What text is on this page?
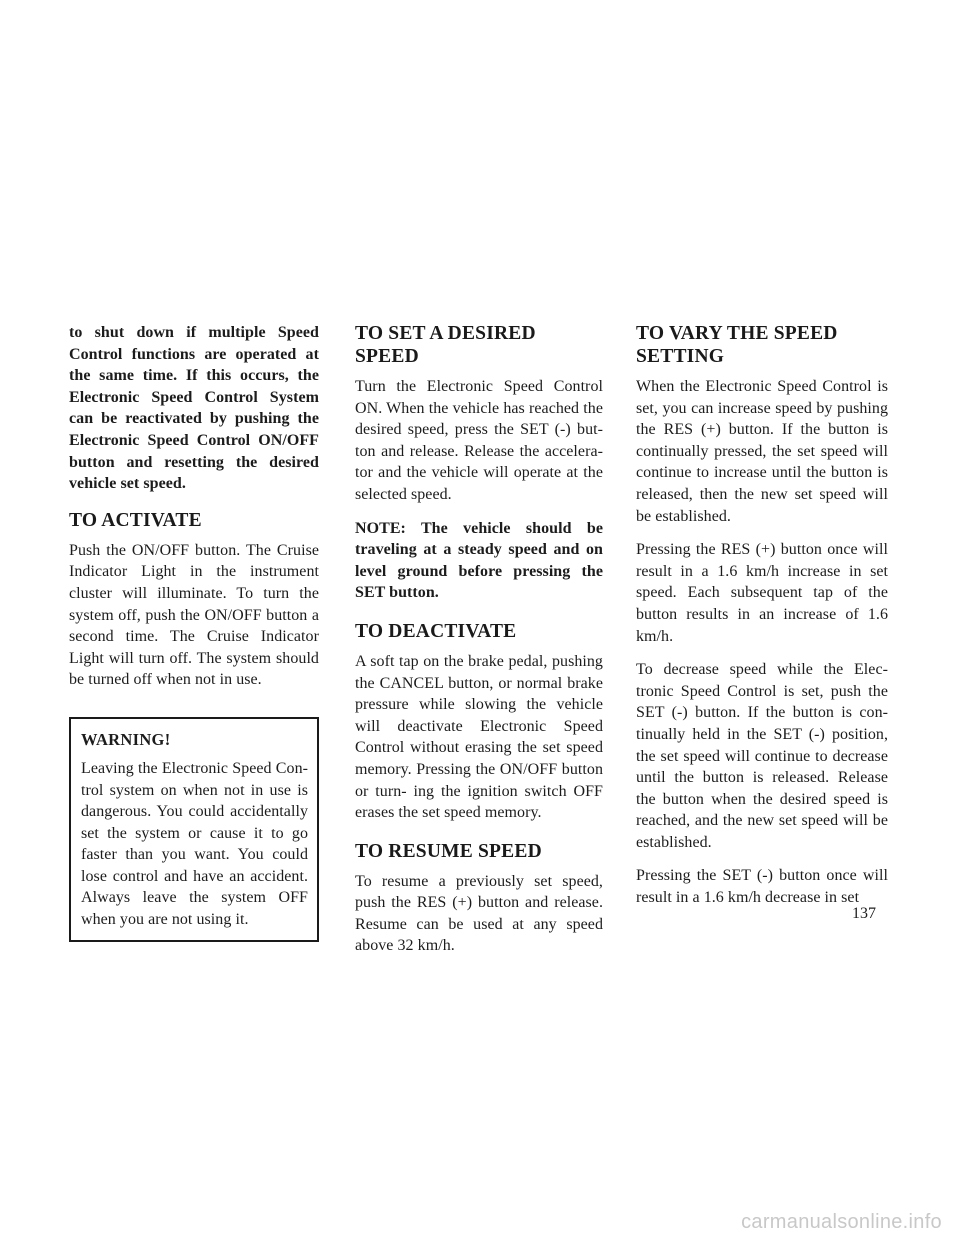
to shut down if multiple Speed Control functions are operated at the same time. If this occurs, the Electronic Speed Control System can be reactivated by pushing the Electronic Speed Control ON/OFF button and resetting the desired vehicle set speed.

TO ACTIVATE

Push the ON/OFF button. The Cruise Indicator Light in the instrument cluster will illuminate. To turn the system off, push the ON/OFF button a second time. The Cruise Indicator Light will turn off. The system should be turned off when not in use.

WARNING!

Leaving the Electronic Speed Con- trol system on when not in use is dangerous. You could accidentally set the system or cause it to go faster than you want. You could lose control and have an accident. Always leave the system OFF when you are not using it.

TO SET A DESIRED SPEED

Turn the Electronic Speed Control ON. When the vehicle has reached the desired speed, press the SET (-) but- ton and release. Release the accelera- tor and the vehicle will operate at the selected speed.

NOTE: The vehicle should be traveling at a steady speed and on level ground before pressing the SET button.

TO DEACTIVATE

A soft tap on the brake pedal, pushing the CANCEL button, or normal brake pressure while slowing the vehicle will deactivate Electronic Speed Control without erasing the set speed memory. Pressing the ON/OFF button or turn- ing the ignition switch OFF erases the set speed memory.

TO RESUME SPEED

To resume a previously set speed, push the RES (+) button and release. Resume can be used at any speed above 32 km/h.

TO VARY THE SPEED SETTING

When the Electronic Speed Control is set, you can increase speed by pushing the RES (+) button. If the button is continually pressed, the set speed will continue to increase until the button is released, then the new set speed will be established.

Pressing the RES (+) button once will result in a 1.6 km/h increase in set speed. Each subsequent tap of the button results in an increase of 1.6 km/h.

To decrease speed while the Elec- tronic Speed Control is set, push the SET (-) button. If the button is con- tinually held in the SET (-) position, the set speed will continue to decrease until the button is released. Release the button when the desired speed is reached, and the new set speed will be established.

Pressing the SET (-) button once will result in a 1.6 km/h decrease in set

137
carmanualsonline.info
